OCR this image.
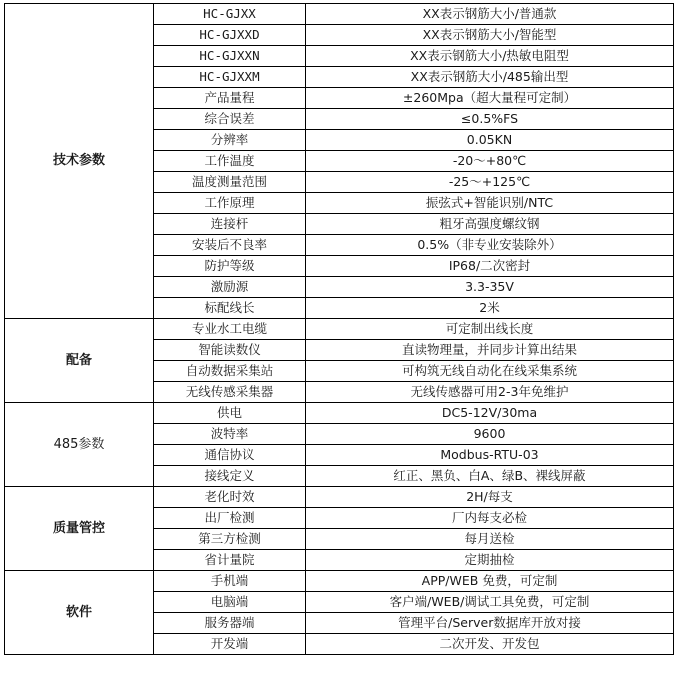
技术参数	HC-GJXX	XX表示钢筋大小/普通款
	HC-GJXXD	XX表示钢筋大小/智能型
	HC-GJXXN	XX表示钢筋大小/热敏电阻型
	HC-GJXXM	XX表示钢筋大小/485输出型
	产品量程	±260Mpa（超大量程可定制）
	综合误差	≤0.5%FS
	分辨率	0.05KN
	工作温度	-20～+80℃
	温度测量范围	-25～+125℃
	工作原理	振弦式+智能识别/NTC
	连接杆	粗牙高强度螺纹钢
	安装后不良率	0.5%（非专业安装除外）
	防护等级	IP68/二次密封
	激励源	3.3-35V
	标配线长	2米
配备	专业水工电缆	可定制出线长度
	智能读数仪	直读物理量，并同步计算出结果
	自动数据采集站	可构筑无线自动化在线采集系统
	无线传感采集器	无线传感器可用2-3年免维护
485参数	供电	DC5-12V/30ma
	波特率	9600
	通信协议	Modbus-RTU-03
	接线定义	红正、黑负、白A、绿B、裸线屏蔽
质量管控	老化时效	2H/每支
	出厂检测	厂内每支必检
	第三方检测	每月送检
	省计量院	定期抽检
软件	手机端	APP/WEB 免费，可定制
	电脑端	客户端/WEB/调试工具免费，可定制
	服务器端	管理平台/Server数据库开放对接
	开发端	二次开发、开发包
